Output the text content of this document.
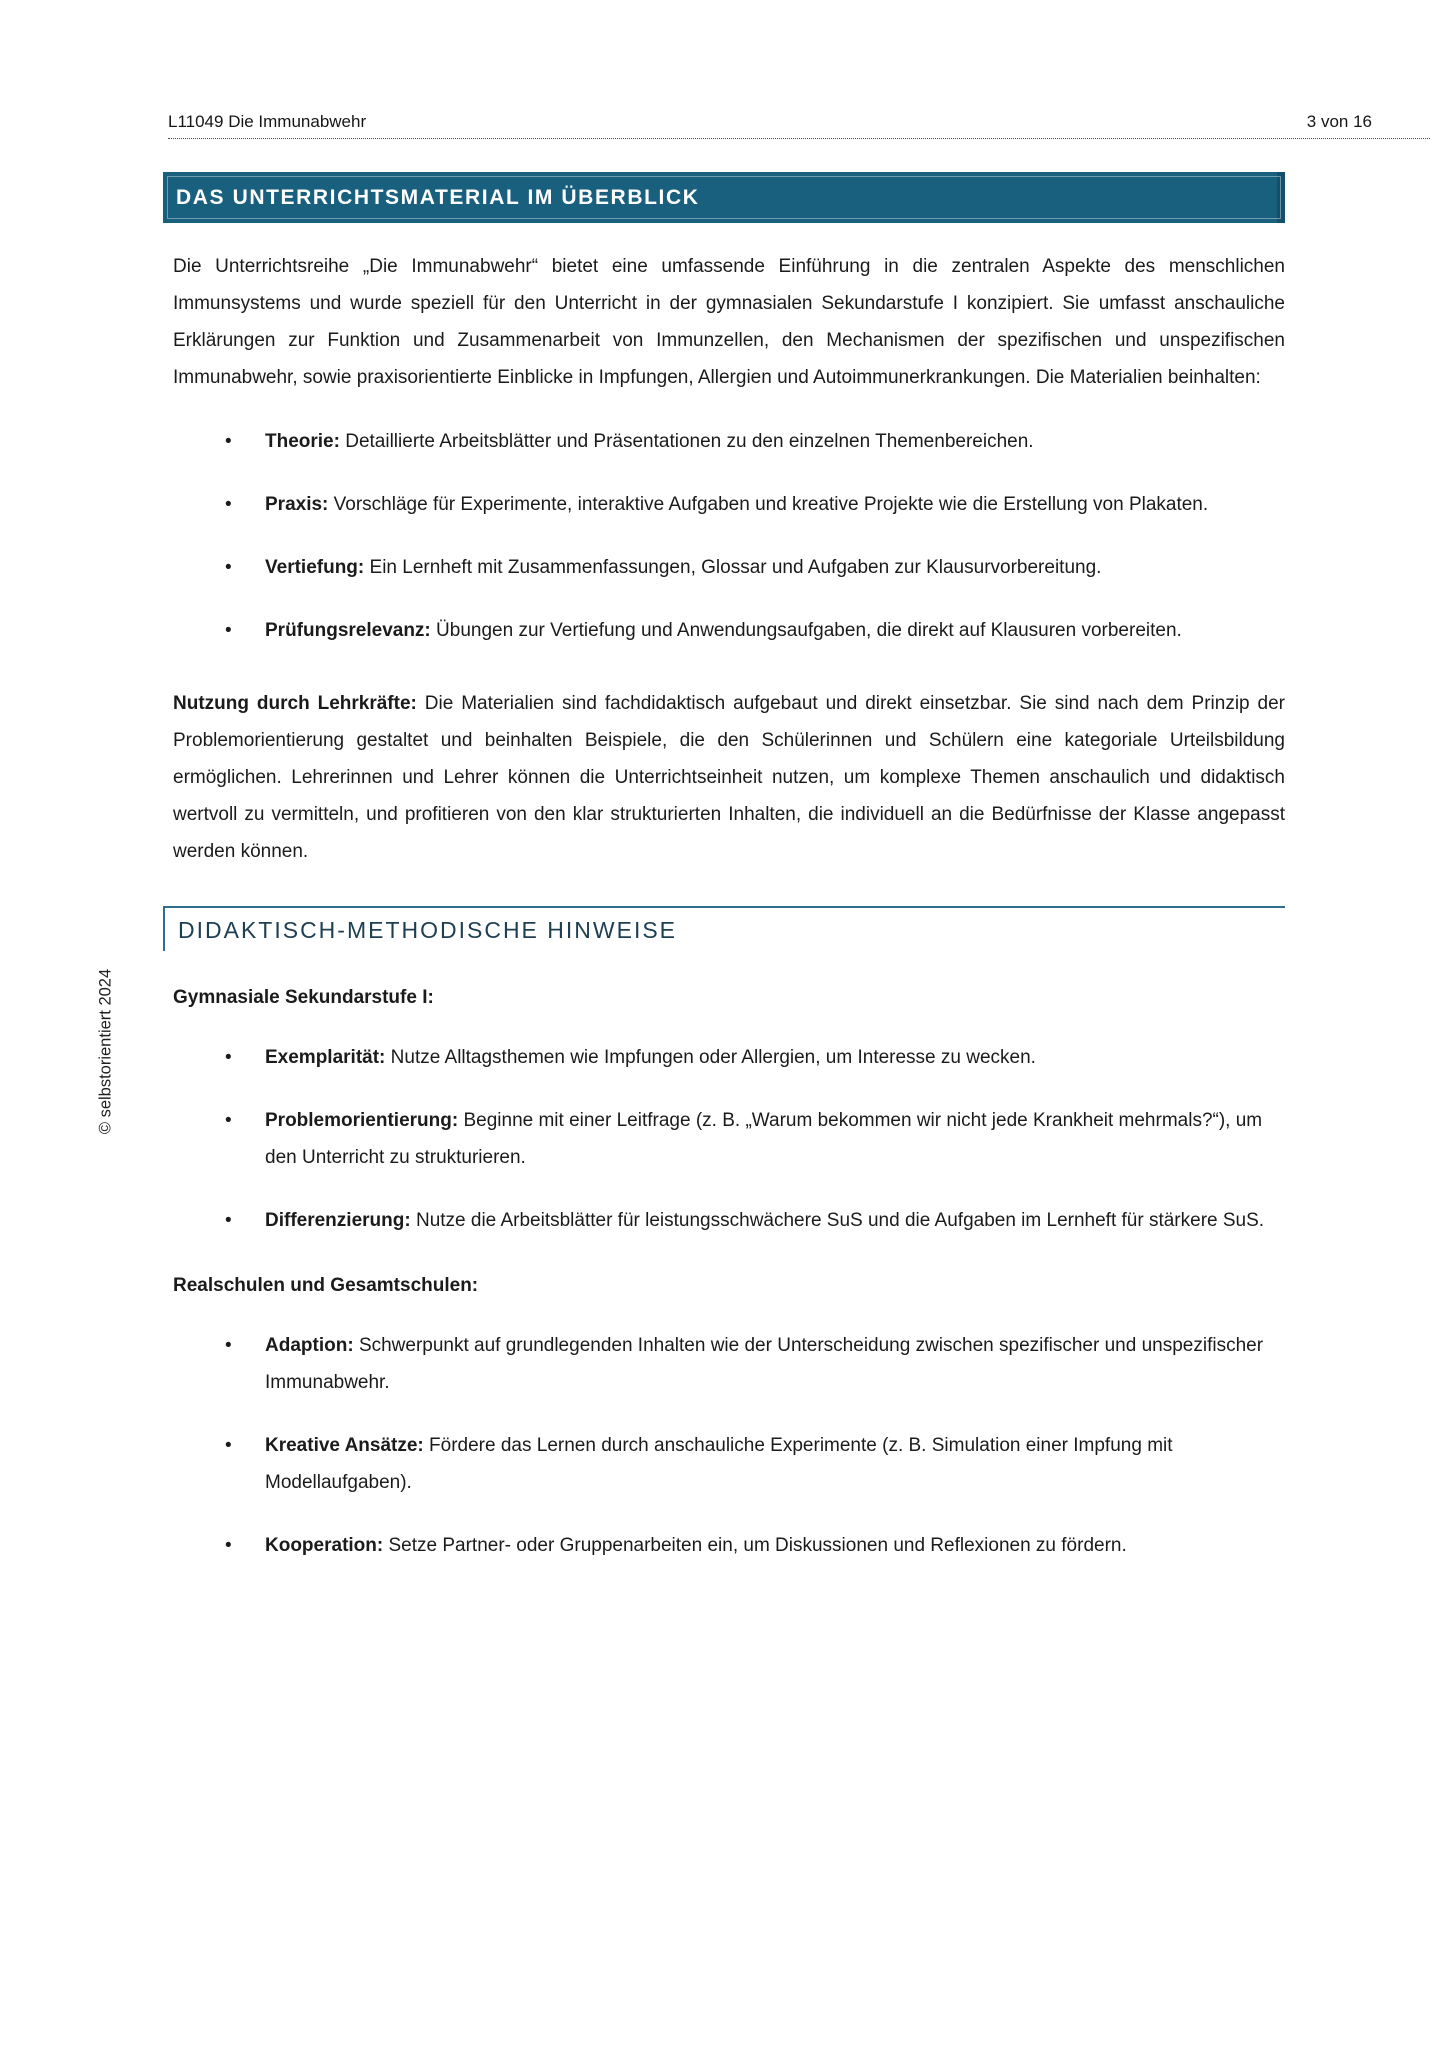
L11049 Die Immunabwehr	3 von 16
© selbstorientiert 2024
DAS UNTERRICHTSMATERIAL IM ÜBERBLICK

Die Unterrichtsreihe „Die Immunabwehr“ bietet eine umfassende Einführung in die zentralen Aspekte des menschlichen Immunsystems und wurde speziell für den Unterricht in der gymnasialen Sekundarstufe I konzipiert. Sie umfasst anschauliche Erklärungen zur Funktion und Zusammenarbeit von Immunzellen, den Mechanismen der spezifischen und unspezifischen Immunabwehr, sowie praxisorientierte Einblicke in Impfungen, Allergien und Autoimmunerkrankungen. Die Materialien beinhalten:

• Theorie: Detaillierte Arbeitsblätter und Präsentationen zu den einzelnen Themenbereichen.
• Praxis: Vorschläge für Experimente, interaktive Aufgaben und kreative Projekte wie die Erstellung von Plakaten.
• Vertiefung: Ein Lernheft mit Zusammenfassungen, Glossar und Aufgaben zur Klausurvorbereitung.
• Prüfungsrelevanz: Übungen zur Vertiefung und Anwendungsaufgaben, die direkt auf Klausuren vorbereiten.

Nutzung durch Lehrkräfte: Die Materialien sind fachdidaktisch aufgebaut und direkt einsetzbar. Sie sind nach dem Prinzip der Problemorientierung gestaltet und beinhalten Beispiele, die den Schülerinnen und Schülern eine kategoriale Urteilsbildung ermöglichen. Lehrerinnen und Lehrer können die Unterrichtseinheit nutzen, um komplexe Themen anschaulich und didaktisch wertvoll zu vermitteln, und profitieren von den klar strukturierten Inhalten, die individuell an die Bedürfnisse der Klasse angepasst werden können.

DIDAKTISCH-METHODISCHE HINWEISE
Gymnasiale Sekundarstufe I:
• Exemplarität: Nutze Alltagsthemen wie Impfungen oder Allergien, um Interesse zu wecken.
• Problemorientierung: Beginne mit einer Leitfrage (z. B. „Warum bekommen wir nicht jede Krankheit mehrmals?“), um den Unterricht zu strukturieren.
• Differenzierung: Nutze die Arbeitsblätter für leistungsschwächere SuS und die Aufgaben im Lernheft für stärkere SuS.
Realschulen und Gesamtschulen:
• Adaption: Schwerpunkt auf grundlegenden Inhalten wie der Unterscheidung zwischen spezifischer und unspezifischer Immunabwehr.
• Kreative Ansätze: Fördere das Lernen durch anschauliche Experimente (z. B. Simulation einer Impfung mit Modellaufgaben).
• Kooperation: Setze Partner- oder Gruppenarbeiten ein, um Diskussionen und Reflexionen zu fördern.
